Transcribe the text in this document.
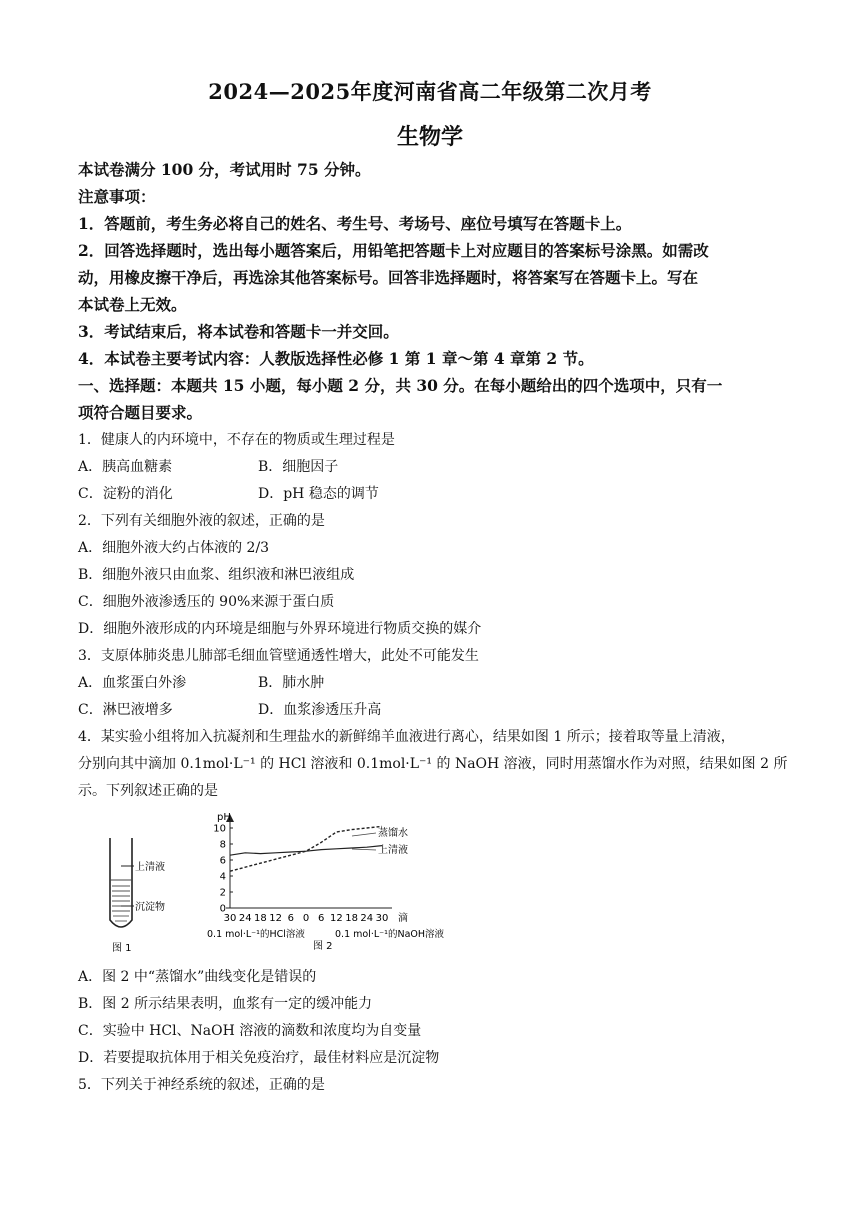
2024—2025年度河南省高二年级第二次月考
生物学
本试卷满分 100 分，考试用时 75 分钟。
注意事项：
1．答题前，考生务必将自己的姓名、考生号、考场号、座位号填写在答题卡上。
2．回答选择题时，选出每小题答案后，用铅笔把答题卡上对应题目的答案标号涂黑。如需改
动，用橡皮擦干净后，再选涂其他答案标号。回答非选择题时，将答案写在答题卡上。写在
本试卷上无效。
3．考试结束后，将本试卷和答题卡一并交回。
4．本试卷主要考试内容：人教版选择性必修 1 第 1 章～第 4 章第 2 节。
一、选择题：本题共 15 小题，每小题 2 分，共 30 分。在每小题给出的四个选项中，只有一
项符合题目要求。
1．健康人的内环境中，不存在的物质或生理过程是
A．胰高血糖素	B．细胞因子
C．淀粉的消化	D．pH 稳态的调节
2．下列有关细胞外液的叙述，正确的是
A．细胞外液大约占体液的 2/3
B．细胞外液只由血浆、组织液和淋巴液组成
C．细胞外液渗透压的 90%来源于蛋白质
D．细胞外液形成的内环境是细胞与外界环境进行物质交换的媒介
3．支原体肺炎患儿肺部毛细血管壁通透性增大，此处不可能发生
A．血浆蛋白外渗	B．肺水肿
C．淋巴液增多	D．血浆渗透压升高
4．某实验小组将加入抗凝剂和生理盐水的新鲜绵羊血液进行离心，结果如图 1 所示；接着取等量上清液，
分别向其中滴加 0.1mol·L⁻¹ 的 HCl 溶液和 0.1mol·L⁻¹ 的 NaOH 溶液，同时用蒸馏水作为对照，结果如图 2 所
示。下列叙述正确的是
上清液
沉淀物
图 1
pH
滴
0
2
4
6
8
10
30 24 18 12 6 0 6 12 18 24 30
蒸馏水
上清液
0.1 mol·L⁻¹的HCl溶液	0.1 mol·L⁻¹的NaOH溶液
图 2
A．图 2 中“蒸馏水”曲线变化是错误的
B．图 2 所示结果表明，血浆有一定的缓冲能力
C．实验中 HCl、NaOH 溶液的滴数和浓度均为自变量
D．若要提取抗体用于相关免疫治疗，最佳材料应是沉淀物
5．下列关于神经系统的叙述，正确的是
